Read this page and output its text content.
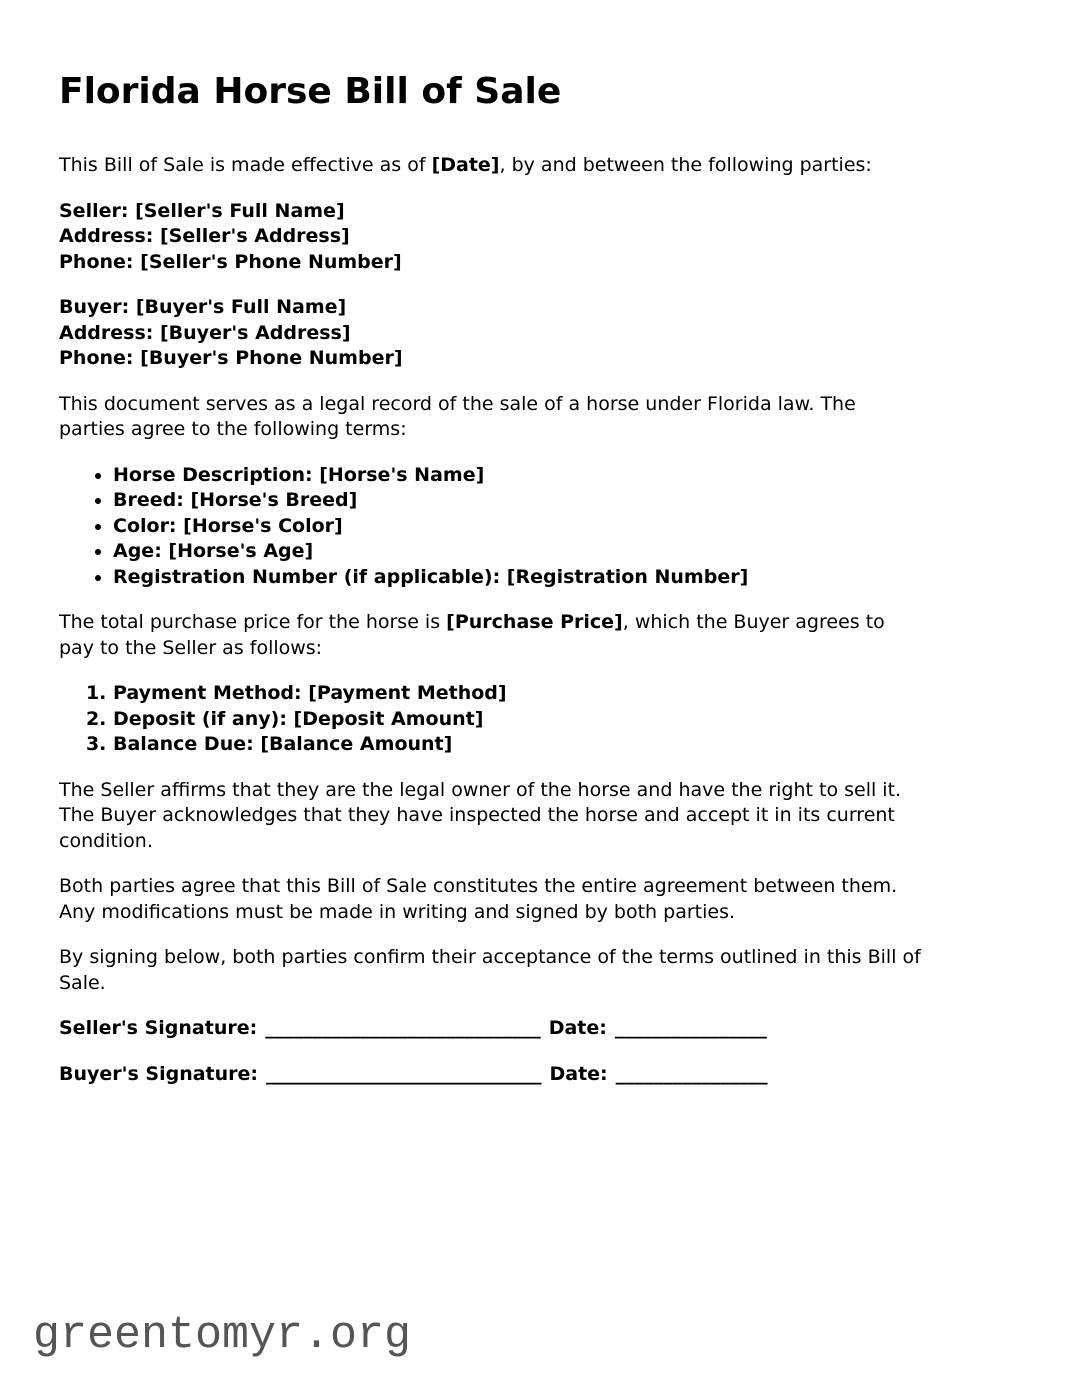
Florida Horse Bill of Sale
This Bill of Sale is made effective as of [Date], by and between the following parties:
Seller: [Seller's Full Name]
Address: [Seller's Address]
Phone: [Seller's Phone Number]
Buyer: [Buyer's Full Name]
Address: [Buyer's Address]
Phone: [Buyer's Phone Number]
This document serves as a legal record of the sale of a horse under Florida law. The
parties agree to the following terms:
• Horse Description: [Horse's Name]
• Breed: [Horse's Breed]
• Color: [Horse's Color]
• Age: [Horse's Age]
• Registration Number (if applicable): [Registration Number]
The total purchase price for the horse is [Purchase Price], which the Buyer agrees to
pay to the Seller as follows:
1. Payment Method: [Payment Method]
2. Deposit (if any): [Deposit Amount]
3. Balance Due: [Balance Amount]
The Seller affirms that they are the legal owner of the horse and have the right to sell it.
The Buyer acknowledges that they have inspected the horse and accept it in its current
condition.
Both parties agree that this Bill of Sale constitutes the entire agreement between them.
Any modifications must be made in writing and signed by both parties.
By signing below, both parties confirm their acceptance of the terms outlined in this Bill of
Sale.
Seller's Signature: _____________________________ Date: ________________
Buyer's Signature: _____________________________ Date: ________________
greentomyr.org
